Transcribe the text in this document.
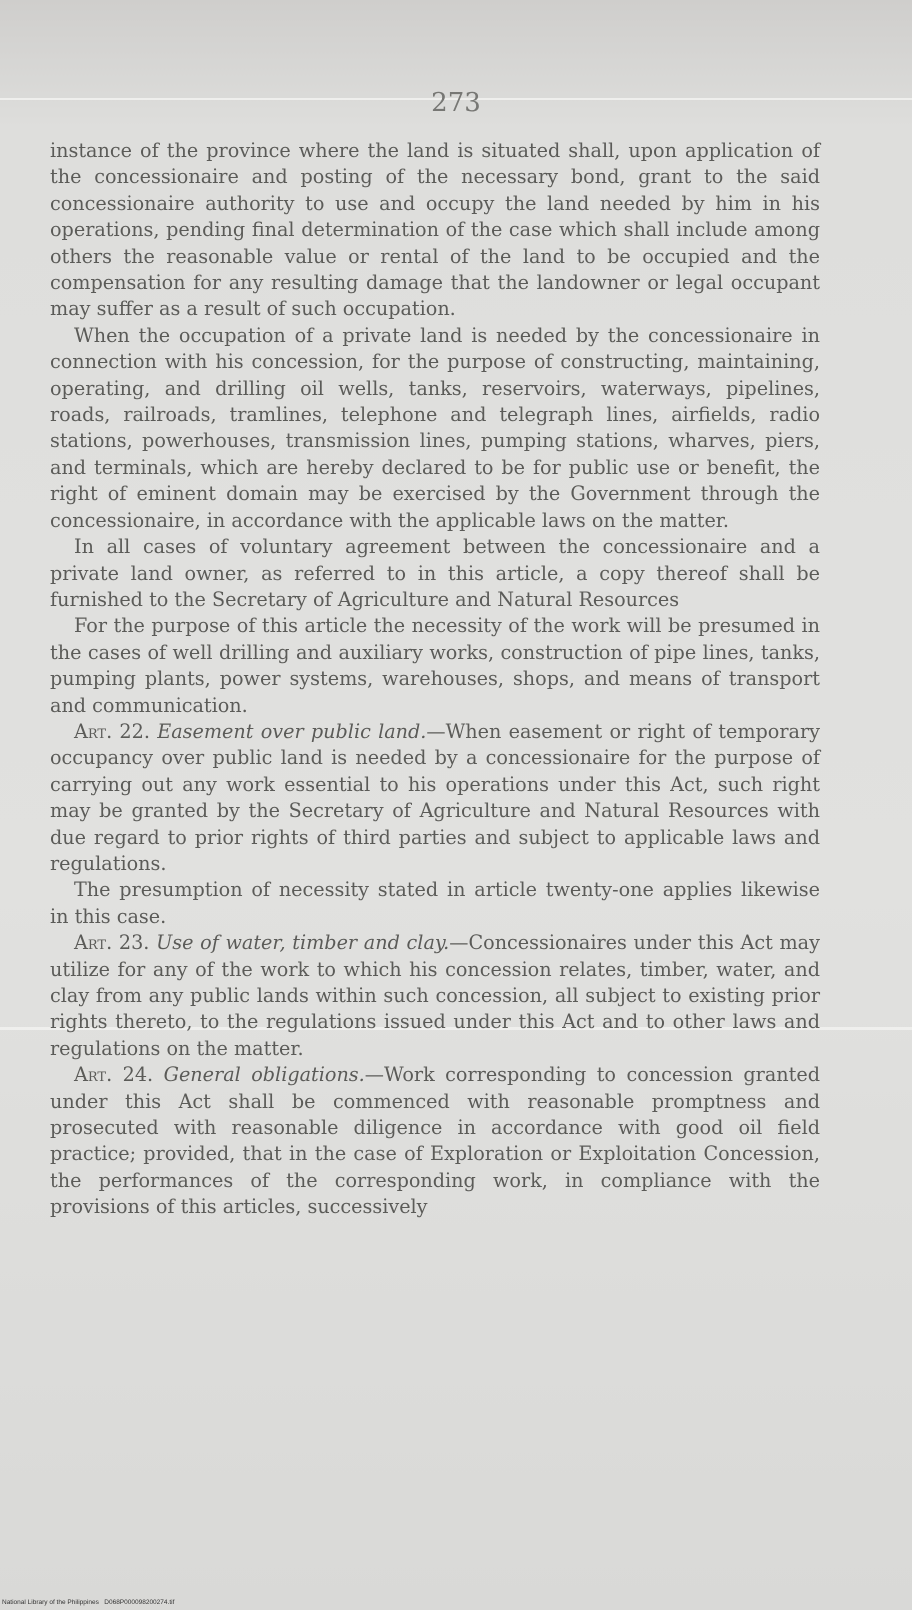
273

instance of the province where the land is situated shall, upon application of the concessionaire and posting of the necessary bond, grant to the said concessionaire authority to use and occupy the land needed by him in his operations, pending final determination of the case which shall include among others the reasonable value or rental of the land to be occupied and the compensation for any resulting damage that the landowner or legal occupant may suffer as a result of such occupation.

When the occupation of a private land is needed by the concessionaire in connection with his concession, for the purpose of constructing, maintaining, operating, and drilling oil wells, tanks, reservoirs, waterways, pipelines, roads, railroads, tramlines, telephone and telegraph lines, airfields, radio stations, powerhouses, transmission lines, pumping stations, wharves, piers, and terminals, which are hereby declared to be for public use or benefit, the right of eminent domain may be exercised by the Government through the concessionaire, in accordance with the applicable laws on the matter.

In all cases of voluntary agreement between the concessionaire and a private land owner, as referred to in this article, a copy thereof shall be furnished to the Secretary of Agriculture and Natural Resources

For the purpose of this article the necessity of the work will be presumed in the cases of well drilling and auxiliary works, construction of pipe lines, tanks, pumping plants, power systems, warehouses, shops, and means of transport and communication.

Art. 22. Easement over public land.—When easement or right of temporary occupancy over public land is needed by a concessionaire for the purpose of carrying out any work essential to his operations under this Act, such right may be granted by the Secretary of Agriculture and Natural Resources with due regard to prior rights of third parties and subject to applicable laws and regulations.

The presumption of necessity stated in article twenty-one applies likewise in this case.

Art. 23. Use of water, timber and clay.—Concessionaires under this Act may utilize for any of the work to which his concession relates, timber, water, and clay from any public lands within such concession, all subject to existing prior rights thereto, to the regulations issued under this Act and to other laws and regulations on the matter.

Art. 24. General obligations.—Work corresponding to concession granted under this Act shall be commenced with reasonable promptness and prosecuted with reasonable diligence in accordance with good oil field practice; provided, that in the case of Exploration or Exploitation Concession, the performances of the corresponding work, in compliance with the provisions of this articles, successively

National Library of the Philippines D068P000098200274.tif
